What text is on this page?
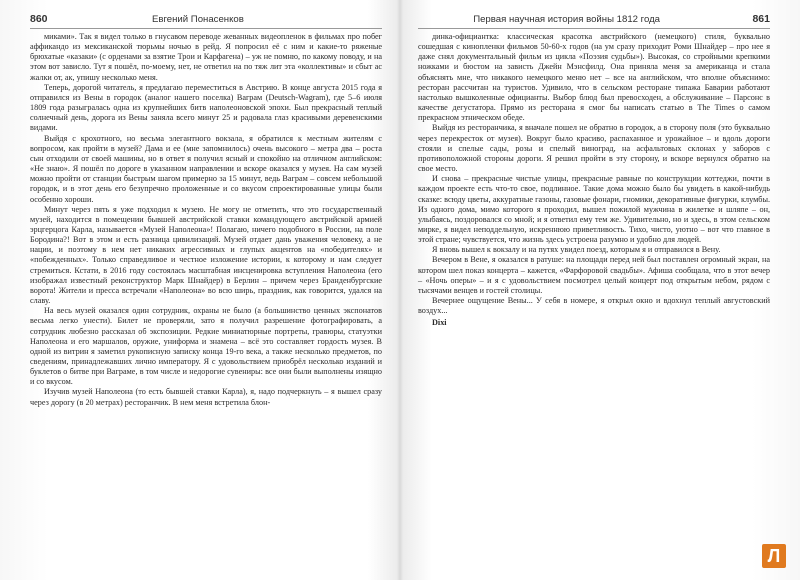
860	Евгений Понасенков

миками». Так я видел только в гнусавом переводе жеванных видеопленок в фильмах про побег аффикандо из мексиканской тюрьмы ночью в рейд. Я попросил её с ним и какие-то ряженые брюхатые «казаки» (с орденами за взятие Трои и Карфагена) – уж не помню, по какому поводу, и на этом вот зависло. Тут я пошёл, по-моему, нет, не ответил на по тяж лит эта «коллективы» и сбыт ас жалки от, ак, упишу несколько меня.

Теперь, дорогой читатель, я предлагаю переместиться в Австрию. В конце августа 2015 года я отправился из Вены в городок (аналог нашего поселка) Ваграм (Deutsch-Wagram), где 5–6 июля 1809 года разыгралась одна из крупнейших битв наполеоновской эпохи. Был прекрасный теплый солнечный день, дорога из Вены заняла всего минут 25 и радовала глаз красивыми деревенскими видами.

Выйдя с крохотного, но весьма элегантного вокзала, я обратился к местным жителям с вопросом, как пройти в музей? Дама и ее (мне запомнилось) очень высокого – метра два – роста сын отходили от своей машины, но в ответ я получил ясный и спокойно на отличном английском: «Не знаю». Я пошёл по дороге в указанном направлении и вскоре оказался у музея. На сам музей можно пройти от станции быстрым шагом примерно за 15 минут, ведь Ваграм – совсем небольшой городок, и в этот день его безупречно проложенные и со вкусом спроектированные улицы были особенно хороши.

Минут через пять я уже подходил к музею. Не могу не отметить, что это государственный музей, находится в помещении бывшей австрийской ставки командующего австрийской армией эрцгерцога Карла, называется «Музей Наполеона»! Полагаю, ничего подобного в России, на поле Бородина?! Вот в этом и есть разница цивилизаций. Музей отдает дань уважения человеку, а не нации, и поэтому в нем нет никаких агрессивных и глупых акцентов на «победителях» и «побежденных». Только справедливое и честное изложение истории, к которому и нам следует стремиться. Кстати, в 2016 году состоялась масштабная инсценировка вступления Наполеона (его изображал известный реконструктор Марк Шнайдер) в Берлин – причем через Бранденбургские ворота! Жители и пресса встречали «Наполеона» во всю ширь, праздник, как говорится, удался на славу.

На весь музей оказался один сотрудник, охраны не было (а большинство ценных экспонатов весьма легко унести). Билет не проверяли, зато я получил разрешение фотографировать, а сотрудник любезно рассказал об экспозиции. Редкие миниатюрные портреты, гравюры, статуэтки Наполеона и его маршалов, оружие, униформа и знамена – всё это составляет гордость музея. В одной из витрин я заметил рукописную записку конца 19-го века, а также несколько предметов, по сведениям, принадлежавших лично императору. Я с удовольствием приобрёл несколько изданий и буклетов о битве при Ваграме, в том числе и недорогие сувениры: все они были выполнены изящно и со вкусом.

Изучив музей Наполеона (то есть бывшей ставки Карла), я, надо подчеркнуть – я вышел сразу через дорогу (в 20 метрах) ресторанчик. В нем меня встретила блон-

Первая научная история войны 1812 года	861

динка-официантка: классическая красотка австрийского (немецкого) стиля, буквально сошедшая с кинопленки фильмов 50-60-х годов (на ум сразу приходит Роми Шнайдер – про нее я даже снял документальный фильм из цикла «Поэзия судьбы»). Высокая, со стройными крепкими ножками и бюстом на зависть Джейн Мэнсфилд. Она приняла меня за американца и стала объяснять мне, что никакого немецкого меню нет – все на английском, что вполне объяснимо: ресторан рассчитан на туристов. Удивило, что в сельском ресторане типажа Баварии работают настолько вышколенные официанты. Выбор блюд был превосходен, а обслуживание – Парсонс в качестве дегустатора. Прямо из ресторана я смог бы написать статью в The Times о самом прекрасном этническом обеде.

Выйдя из ресторанчика, я вначале пошел не обратно в городок, а в сторону поля (это буквально через перекресток от музея). Вокруг было красиво, распаханное и урожайное – и вдоль дороги стояли и спелые сады, розы и спелый виноград, на асфальтовых склонах у заборов с противоположной стороны дороги. Я решил пройти в эту сторону, и вскоре вернулся обратно на свое место.

И снова – прекрасные чистые улицы, прекрасные равные по конструкции коттеджи, почти в каждом проекте есть что-то свое, подлинное. Такие дома можно было бы увидеть в какой-нибудь сказке: всюду цветы, аккуратные газоны, газовые фонари, гномики, декоративные фигурки, клумбы. Из одного дома, мимо которого я проходил, вышел пожилой мужчина в жилетке и шляпе – он, улыбаясь, поздоровался со мной; и я ответил ему тем же. Удивительно, но и здесь, в этом сельском мирке, я видел неподдельную, искреннюю приветливость. Тихо, чисто, уютно – вот что главное в этой стране; чувствуется, что жизнь здесь устроена разумно и удобно для людей.

Я вновь вышел к вокзалу и на путях увидел поезд, которым я и отправился в Вену.

Вечером в Вене, я оказался в ратуше: на площади перед ней был поставлен огромный экран, на котором шел показ концерта – кажется, «Фарфоровой свадьбы». Афиша сообщала, что в этот вечер – «Ночь оперы» – и я с удовольствием посмотрел целый концерт под открытым небом, рядом с тысячами венцев и гостей столицы.

Вечернее ощущение Вены... У себя в номере, я открыл окно и вдохнул теплый августовский воздух...

Dixi

Л
